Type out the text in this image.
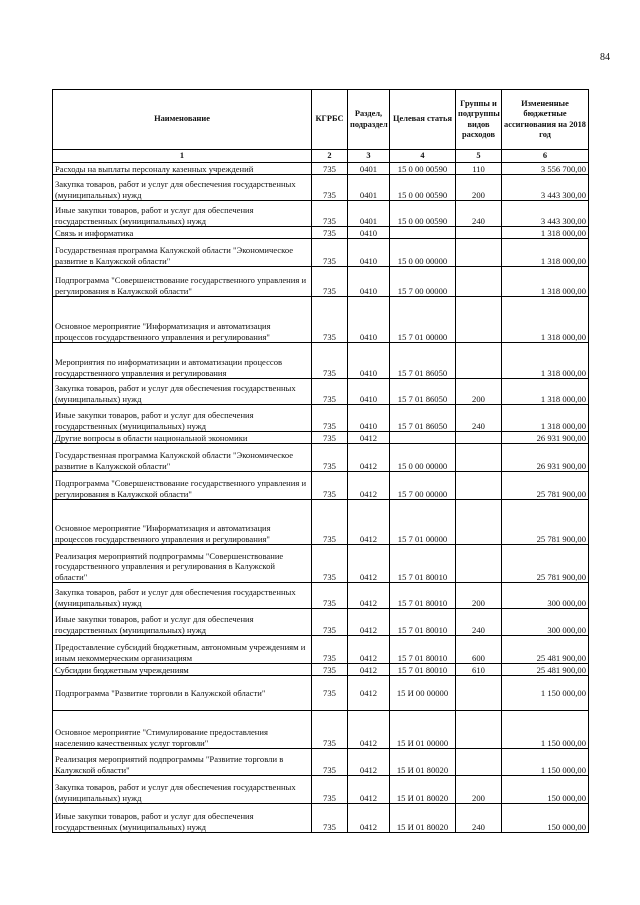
84
Наименование	КГРБС	Раздел, подраздел	Целевая статья	Группы и подгруппы видов расходов	Измененные бюджетные ассигнования на 2018 год
1	2	3	4	5	6
Расходы на выплаты персоналу казенных учреждений	735	0401	15 0 00 00590	110	3 556 700,00
Закупка товаров, работ и услуг для обеспечения государственных (муниципальных) нужд	735	0401	15 0 00 00590	200	3 443 300,00
Иные закупки товаров, работ и услуг для обеспечения государственных (муниципальных) нужд	735	0401	15 0 00 00590	240	3 443 300,00
Связь и информатика	735	0410			1 318 000,00
Государственная программа Калужской области "Экономическое развитие в Калужской области"	735	0410	15 0 00 00000		1 318 000,00
Подпрограмма "Совершенствование государственного управления и регулирования в Калужской области"	735	0410	15 7 00 00000		1 318 000,00
Основное мероприятие "Информатизация и автоматизация процессов государственного управления и регулирования"	735	0410	15 7 01 00000		1 318 000,00
Мероприятия по информатизации и автоматизации процессов государственного управления и регулирования	735	0410	15 7 01 86050		1 318 000,00
Закупка товаров, работ и услуг для обеспечения государственных (муниципальных) нужд	735	0410	15 7 01 86050	200	1 318 000,00
Иные закупки товаров, работ и услуг для обеспечения государственных (муниципальных) нужд	735	0410	15 7 01 86050	240	1 318 000,00
Другие вопросы в области национальной экономики	735	0412			26 931 900,00
Государственная программа Калужской области "Экономическое развитие в Калужской области"	735	0412	15 0 00 00000		26 931 900,00
Подпрограмма "Совершенствование государственного управления и регулирования в Калужской области"	735	0412	15 7 00 00000		25 781 900,00
Основное мероприятие "Информатизация и автоматизация процессов государственного управления и регулирования"	735	0412	15 7 01 00000		25 781 900,00
Реализация мероприятий подпрограммы "Совершенствование государственного управления и регулирования в Калужской области"	735	0412	15 7 01 80010		25 781 900,00
Закупка товаров, работ и услуг для обеспечения государственных (муниципальных) нужд	735	0412	15 7 01 80010	200	300 000,00
Иные закупки товаров, работ и услуг для обеспечения государственных (муниципальных) нужд	735	0412	15 7 01 80010	240	300 000,00
Предоставление субсидий бюджетным, автономным учреждениям и иным некоммерческим организациям	735	0412	15 7 01 80010	600	25 481 900,00
Субсидии бюджетным учреждениям	735	0412	15 7 01 80010	610	25 481 900,00
Подпрограмма "Развитие торговли в Калужской области"	735	0412	15 И 00 00000		1 150 000,00
Основное мероприятие "Стимулирование предоставления населению качественных услуг торговли"	735	0412	15 И 01 00000		1 150 000,00
Реализация мероприятий подпрограммы "Развитие торговли в Калужской области"	735	0412	15 И 01 80020		1 150 000,00
Закупка товаров, работ и услуг для обеспечения государственных (муниципальных) нужд	735	0412	15 И 01 80020	200	150 000,00
Иные закупки товаров, работ и услуг для обеспечения государственных (муниципальных) нужд	735	0412	15 И 01 80020	240	150 000,00
